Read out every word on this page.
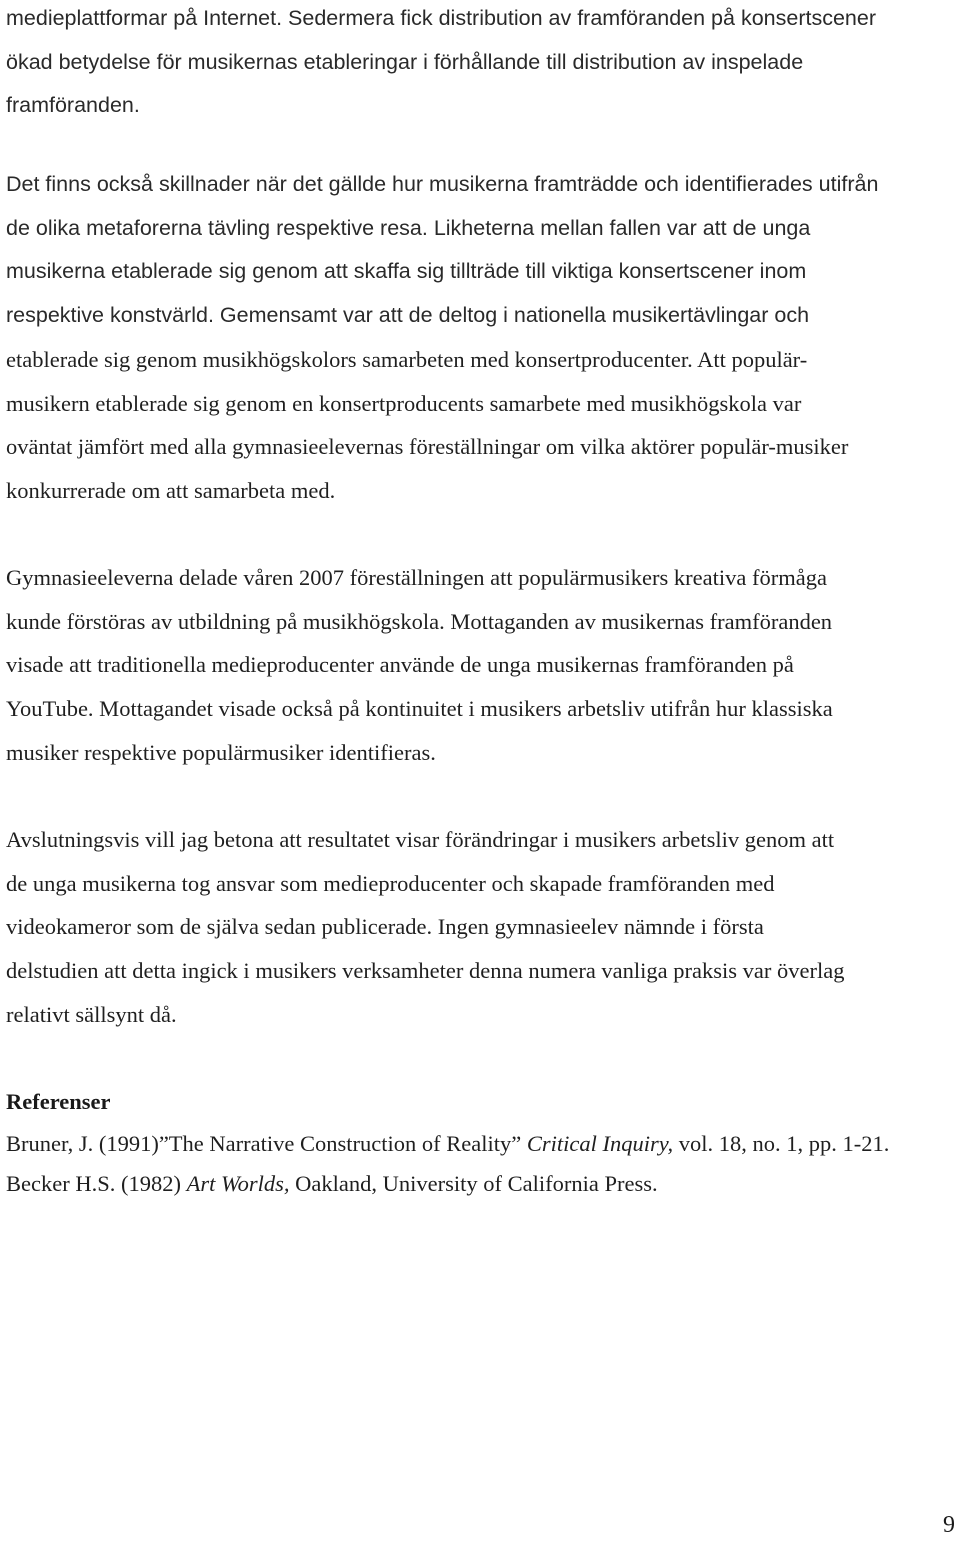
medieplattformar på Internet. Sedermera fick distribution av framföranden på konsertscener
ökad betydelse för musikernas etableringar i förhållande till distribution av inspelade
framföranden.
Det finns också skillnader när det gällde hur musikerna framträdde och identifierades utifrån
de olika metaforerna tävling respektive resa. Likheterna mellan fallen var att de unga
musikerna etablerade sig genom att skaffa sig tillträde till viktiga konsertscener inom
respektive konstvärld. Gemensamt var att de deltog i nationella musikertävlingar och
etablerade sig genom musikhögskolors samarbeten med konsertproducenter. Att populär-
musikern etablerade sig genom en konsertproducents samarbete med musikhögskola var
oväntat jämfört med alla gymnasieelevernas föreställningar om vilka aktörer populär-musiker
konkurrerade om att samarbeta med.
Gymnasieeleverna delade våren 2007 föreställningen att populärmusikers kreativa förmåga
kunde förstöras av utbildning på musikhögskola. Mottaganden av musikernas framföranden
visade att traditionella medieproducenter använde de unga musikernas framföranden på
YouTube. Mottagandet visade också på kontinuitet i musikers arbetsliv utifrån hur klassiska
musiker respektive populärmusiker identifieras.
Avslutningsvis vill jag betona att resultatet visar förändringar i musikers arbetsliv genom att
de unga musikerna tog ansvar som medieproducenter och skapade framföranden med
videokameror som de själva sedan publicerade. Ingen gymnasieelev nämnde i första
delstudien att detta ingick i musikers verksamheter denna numera vanliga praksis var överlag
relativt sällsynt då.
Referenser
Bruner, J. (1991)”The Narrative Construction of Reality” Critical Inquiry, vol. 18, no. 1, pp. 1-21.
Becker H.S. (1982) Art Worlds, Oakland, University of California Press.
9
